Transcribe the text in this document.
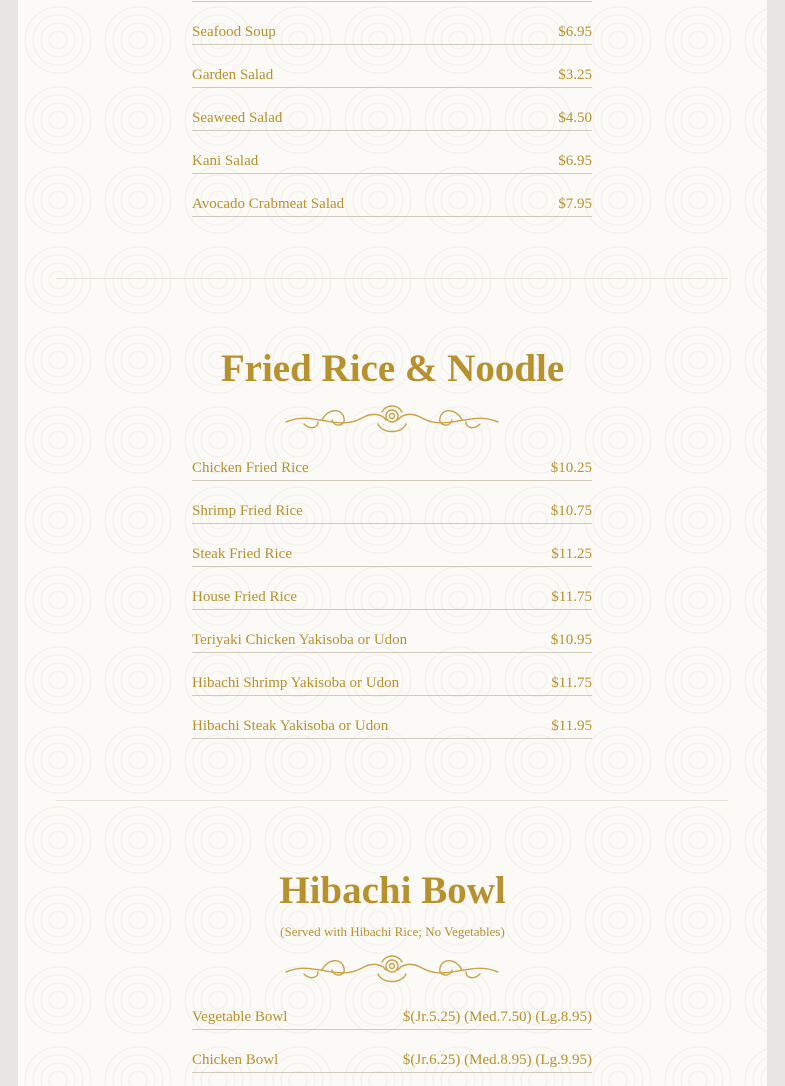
Seafood Soup	$6.95
Garden Salad	$3.25
Seaweed Salad	$4.50
Kani Salad	$6.95
Avocado Crabmeat Salad	$7.95
Fried Rice & Noodle
Chicken Fried Rice	$10.25
Shrimp Fried Rice	$10.75
Steak Fried Rice	$11.25
House Fried Rice	$11.75
Teriyaki Chicken Yakisoba or Udon	$10.95
Hibachi Shrimp Yakisoba or Udon	$11.75
Hibachi Steak Yakisoba or Udon	$11.95
Hibachi Bowl
(Served with Hibachi Rice; No Vegetables)
Vegetable Bowl	$(Jr.5.25) (Med.7.50) (Lg.8.95)
Chicken Bowl	$(Jr.6.25) (Med.8.95) (Lg.9.95)
